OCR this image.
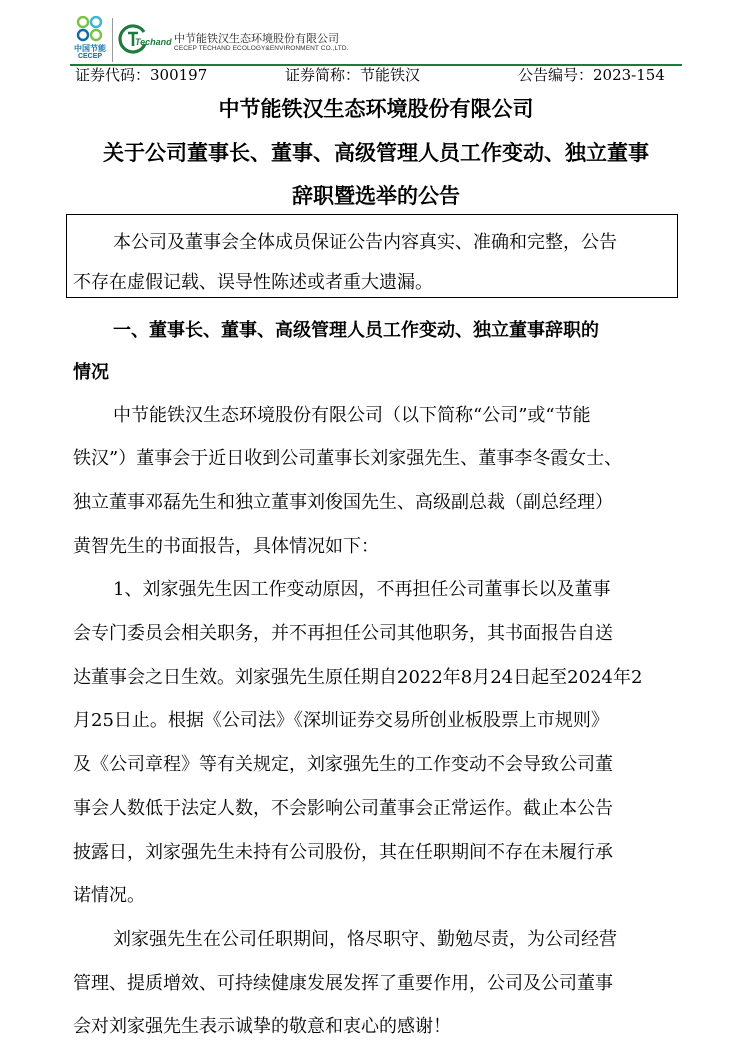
中国节能
CECEP
Techand 中节能铁汉生态环境股份有限公司
CECEP TECHAND ECOLOGY&ENVIRONMENT CO.,LTD.
证券代码：300197	证券简称：节能铁汉	公告编号：2023-154
中节能铁汉生态环境股份有限公司
关于公司董事长、董事、高级管理人员工作变动、独立董事
辞职暨选举的公告
本公司及董事会全体成员保证公告内容真实、准确和完整，公告
不存在虚假记载、误导性陈述或者重大遗漏。
一、董事长、董事、高级管理人员工作变动、独立董事辞职的
情况
中节能铁汉生态环境股份有限公司（以下简称“公司”或“节能
铁汉”）董事会于近日收到公司董事长刘家强先生、董事李冬霞女士、
独立董事邓磊先生和独立董事刘俊国先生、高级副总裁（副总经理）
黄智先生的书面报告，具体情况如下：
1、刘家强先生因工作变动原因，不再担任公司董事长以及董事
会专门委员会相关职务，并不再担任公司其他职务，其书面报告自送
达董事会之日生效。刘家强先生原任期自2022年8月24日起至2024年2
月25日止。根据《公司法》《深圳证券交易所创业板股票上市规则》
及《公司章程》等有关规定，刘家强先生的工作变动不会导致公司董
事会人数低于法定人数，不会影响公司董事会正常运作。截止本公告
披露日，刘家强先生未持有公司股份，其在任职期间不存在未履行承
诺情况。
刘家强先生在公司任职期间，恪尽职守、勤勉尽责，为公司经营
管理、提质增效、可持续健康发展发挥了重要作用，公司及公司董事
会对刘家强先生表示诚挚的敬意和衷心的感谢！
